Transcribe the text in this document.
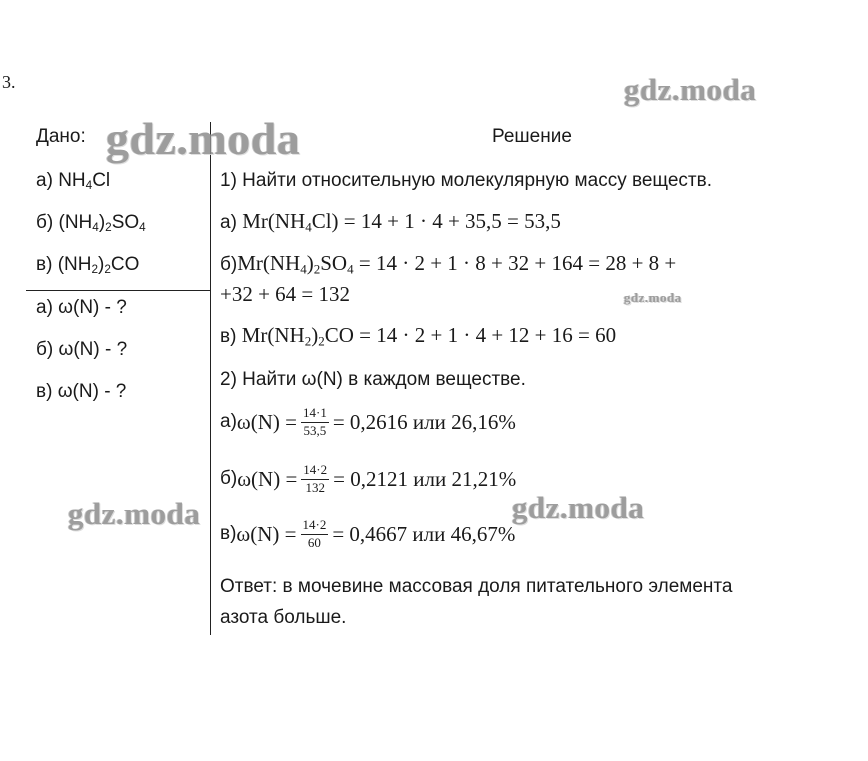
3.
Дано:
а) $NH_4Cl$
б) $(NH_4)_2SO_4$
в) $(NH_2)_2CO$
а) ω(N) - ?
б) ω(N) - ?
в) ω(N) - ?
Решение
1) Найти относительную молекулярную массу веществ.
а) $Mr(NH_4Cl) = 14 + 1 \cdot 4 + 35,5 = 53,5$
$б)Mr(NH_4)_2SO_4 = 14 \cdot 2 + 1 \cdot 8 + 32 + 164 = 28 + 8$ +
+32 + 64 = 132
в) $Mr(NH_2)_2CO = 14 \cdot 2 + 1 \cdot 4 + 12 + 16 = 60$
2) Найти ω(N) в каждом веществе.
а) $\omega(N) = \frac{14\cdot 1}{53,5} = 0,2616$ или 26,16%
б) $\omega(N) = \frac{14\cdot 2}{132} = 0,2121$ или 21,21%
в) $\omega(N) = \frac{14\cdot 2}{60} = 0,4667$ или 46,67%
Ответ: в мочевине массовая доля питательного элемента
азота больше.
gdz.moda
gdz.moda
gdz.moda
gdz.moda	gdz.moda
